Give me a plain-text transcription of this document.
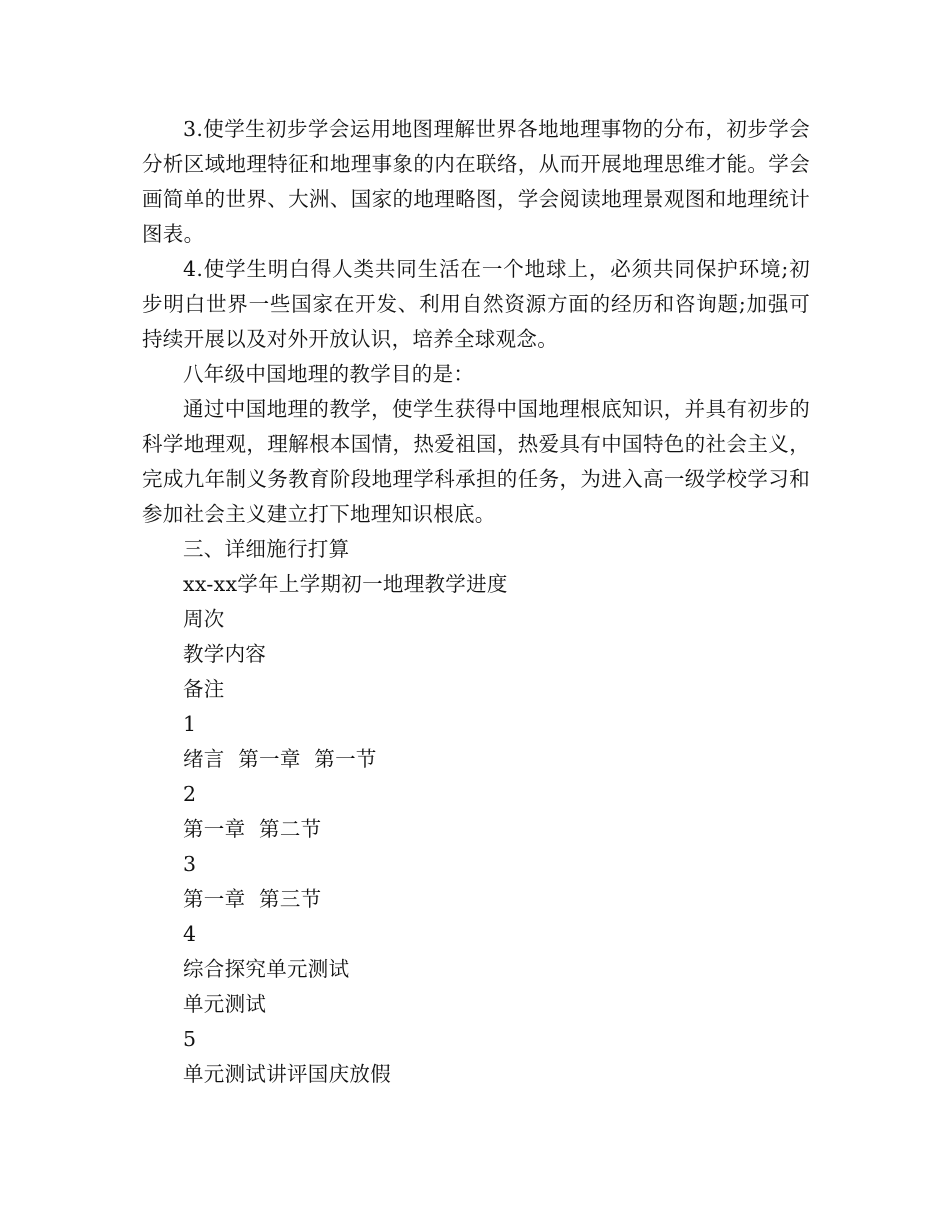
3.使学生初步学会运用地图理解世界各地地理事物的分布，初步学会分析区域地理特征和地理事象的内在联络，从而开展地理思维才能。学会画简单的世界、大洲、国家的地理略图，学会阅读地理景观图和地理统计图表。

4.使学生明白得人类共同生活在一个地球上，必须共同保护环境;初步明白世界一些国家在开发、利用自然资源方面的经历和咨询题;加强可持续开展以及对外开放认识，培养全球观念。

八年级中国地理的教学目的是：

通过中国地理的教学，使学生获得中国地理根底知识，并具有初步的科学地理观，理解根本国情，热爱祖国，热爱具有中国特色的社会主义，完成九年制义务教育阶段地理学科承担的任务，为进入高一级学校学习和参加社会主义建立打下地理知识根底。

三、详细施行打算

xx-xx学年上学期初一地理教学进度

周次

教学内容

备注

1

绪言  第一章  第一节

2

第一章  第二节

3

第一章  第三节

4

综合探究单元测试

单元测试

5

单元测试讲评国庆放假
